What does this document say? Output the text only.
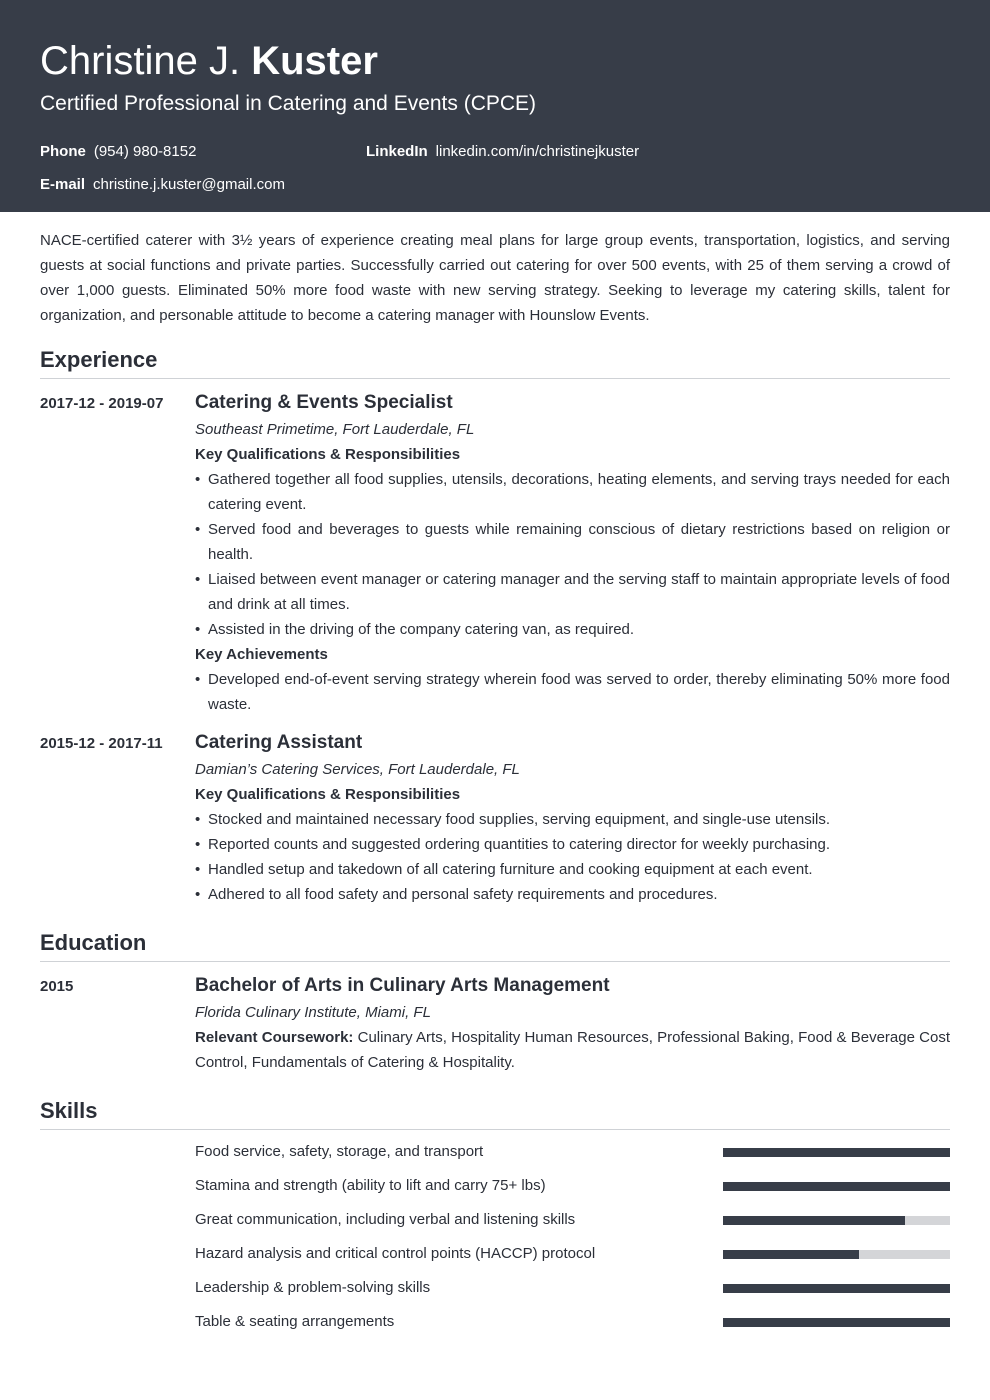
Christine J. Kuster
Certified Professional in Catering and Events (CPCE)
Phone (954) 980-8152	LinkedIn linkedin.com/in/christinejkuster
E-mail christine.j.kuster@gmail.com

NACE-certified caterer with 3½ years of experience creating meal plans for large group events, transportation, logistics, and serving guests at social functions and private parties. Successfully carried out catering for over 500 events, with 25 of them serving a crowd of over 1,000 guests. Eliminated 50% more food waste with new serving strategy. Seeking to leverage my catering skills, talent for organization, and personable attitude to become a catering manager with Hounslow Events.

Experience
2017-12 - 2019-07 Catering & Events Specialist
Southeast Primetime, Fort Lauderdale, FL
Key Qualifications & Responsibilities
• Gathered together all food supplies, utensils, decorations, heating elements, and serving trays needed for each catering event.
• Served food and beverages to guests while remaining conscious of dietary restrictions based on religion or health.
• Liaised between event manager or catering manager and the serving staff to maintain appropriate levels of food and drink at all times.
• Assisted in the driving of the company catering van, as required.
Key Achievements
• Developed end-of-event serving strategy wherein food was served to order, thereby eliminating 50% more food waste.
2015-12 - 2017-11 Catering Assistant
Damian’s Catering Services, Fort Lauderdale, FL
Key Qualifications & Responsibilities
• Stocked and maintained necessary food supplies, serving equipment, and single-use utensils.
• Reported counts and suggested ordering quantities to catering director for weekly purchasing.
• Handled setup and takedown of all catering furniture and cooking equipment at each event.
• Adhered to all food safety and personal safety requirements and procedures.
Education
2015	Bachelor of Arts in Culinary Arts Management
Florida Culinary Institute, Miami, FL
Relevant Coursework: Culinary Arts, Hospitality Human Resources, Professional Baking, Food & Beverage Cost Control, Fundamentals of Catering & Hospitality.
Skills
Food service, safety, storage, and transport
Stamina and strength (ability to lift and carry 75+ lbs)
Great communication, including verbal and listening skills
Hazard analysis and critical control points (HACCP) protocol
Leadership & problem-solving skills
Table & seating arrangements
